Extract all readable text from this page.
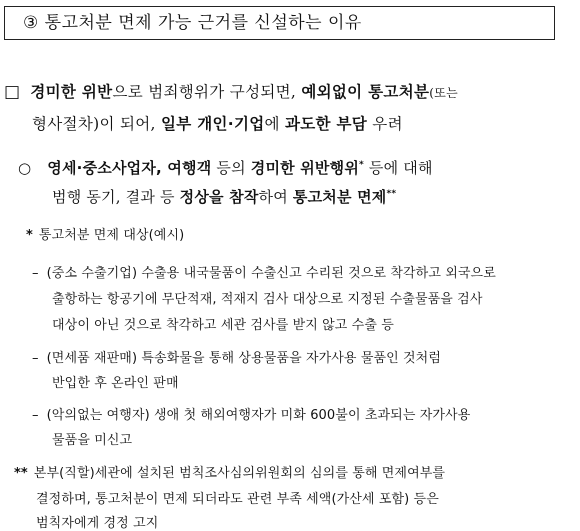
③ 통고처분 면제 가능 근거를 신설하는 이유
□ 경미한 위반으로 범죄행위가 구성되면, 예외없이 통고처분(또는
형사절차)이 되어, 일부 개인·기업에 과도한 부담 우려
○ 영세·중소사업자, 여행객 등의 경미한 위반행위* 등에 대해
범행 동기, 결과 등 정상을 참작하여 통고처분 면제**
* 통고처분 면제 대상(예시)
– (중소 수출기업) 수출용 내국물품이 수출신고 수리된 것으로 착각하고 외국으로
출항하는 항공기에 무단적재, 적재지 검사 대상으로 지정된 수출물품을 검사
대상이 아닌 것으로 착각하고 세관 검사를 받지 않고 수출 등
– (면세품 재판매) 특송화물을 통해 상용물품을 자가사용 물품인 것처럼
반입한 후 온라인 판매
– (악의없는 여행자) 생애 첫 해외여행자가 미화 600불이 초과되는 자가사용
물품을 미신고
** 본부(직할)세관에 설치된 범칙조사심의위원회의 심의를 통해 면제여부를
결정하며, 통고처분이 면제 되더라도 관련 부족 세액(가산세 포함) 등은
범칙자에게 경정 고지
